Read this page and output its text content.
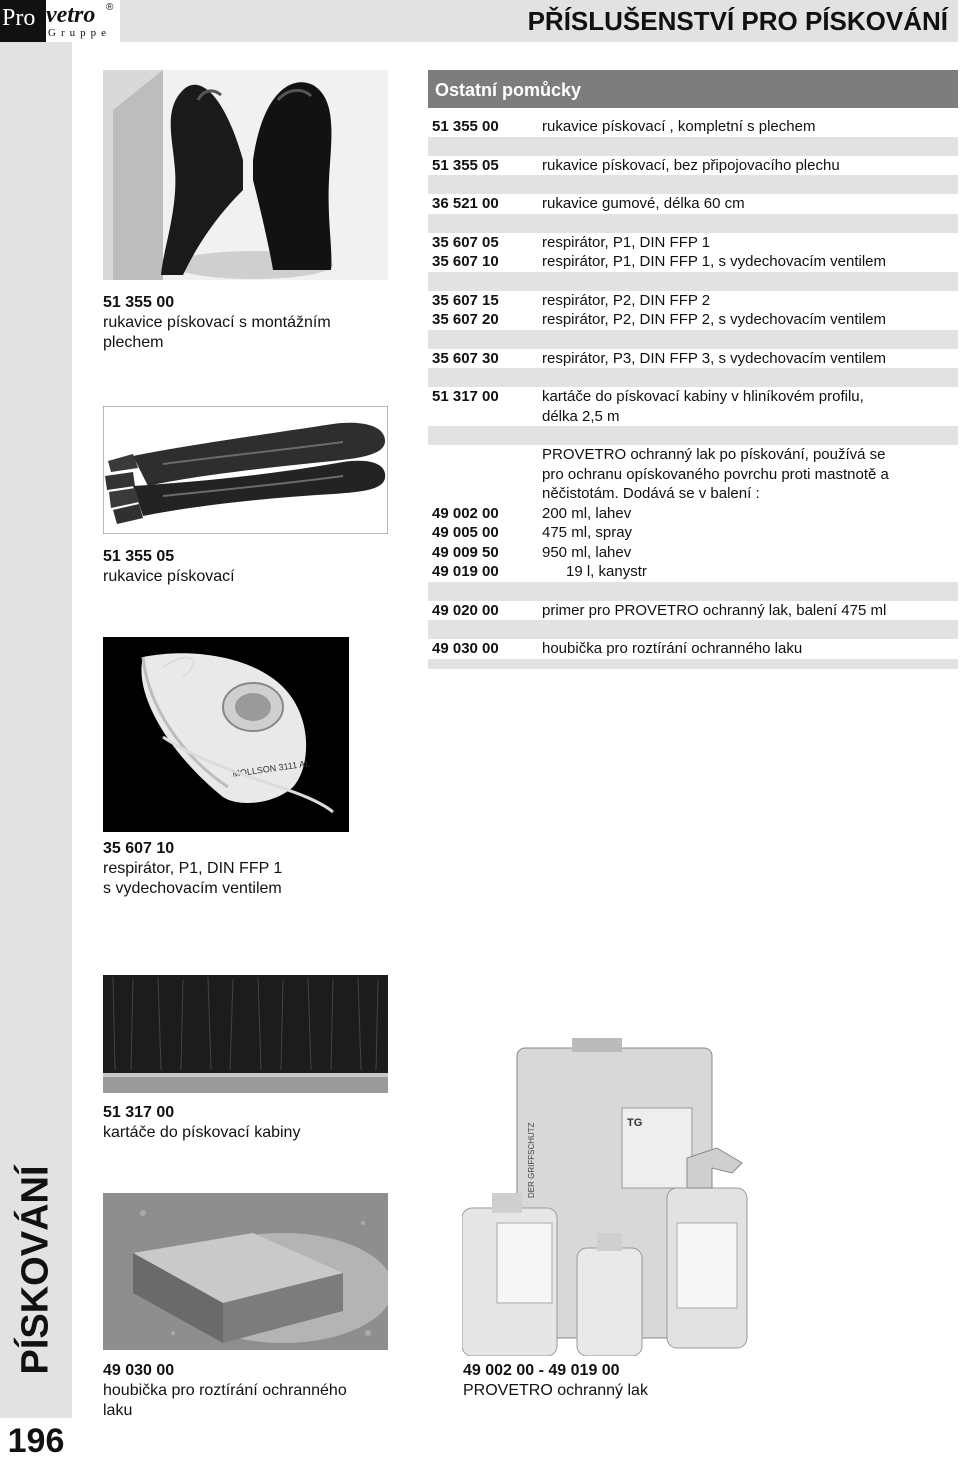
PÍSKOVÁNÍ
196
Pro vetro ®
Gruppe	PŘÍSLUŠENSTVÍ PRO PÍSKOVÁNÍ
Ostatní pomůcky
51 355 00	rukavice pískovací , kompletní s plechem
51 355 05	rukavice pískovací, bez připojovacího plechu
36 521 00	rukavice gumové, délka 60 cm
35 607 05	respirátor, P1, DIN FFP 1
35 607 10	respirátor, P1, DIN FFP 1, s vydechovacím ventilem
35 607 15	respirátor, P2, DIN FFP 2
35 607 20	respirátor, P2, DIN FFP 2, s vydechovacím ventilem
35 607 30	respirátor, P3, DIN FFP 3, s vydechovacím ventilem
51 317 00	kartáče do pískovací kabiny v hliníkovém profilu,
délka 2,5 m
PROVETRO ochranný lak po pískování, používá se
pro ochranu opískovaného povrchu proti mastnotě a
něčistotám. Dodává se v balení :
49 002 00	200 ml, lahev
49 005 00	475 ml, spray
49 009 50	950 ml, lahev
49 019 00	19 l, kanystr
49 020 00	primer pro PROVETRO ochranný lak, balení 475 ml
49 030 00	houbička pro roztírání ochranného laku
51 355 00
rukavice pískovací s montážním
plechem
51 355 05
rukavice pískovací
MOLLSON 3111 AL
35 607 10
respirátor, P1, DIN FFP 1
s vydechovacím ventilem
51 317 00
kartáče do pískovací kabiny
49 030 00
houbička pro roztírání ochranného
laku
TG
DER GRIFFSCHUTZ
49 002 00 - 49 019 00
PROVETRO ochranný lak
